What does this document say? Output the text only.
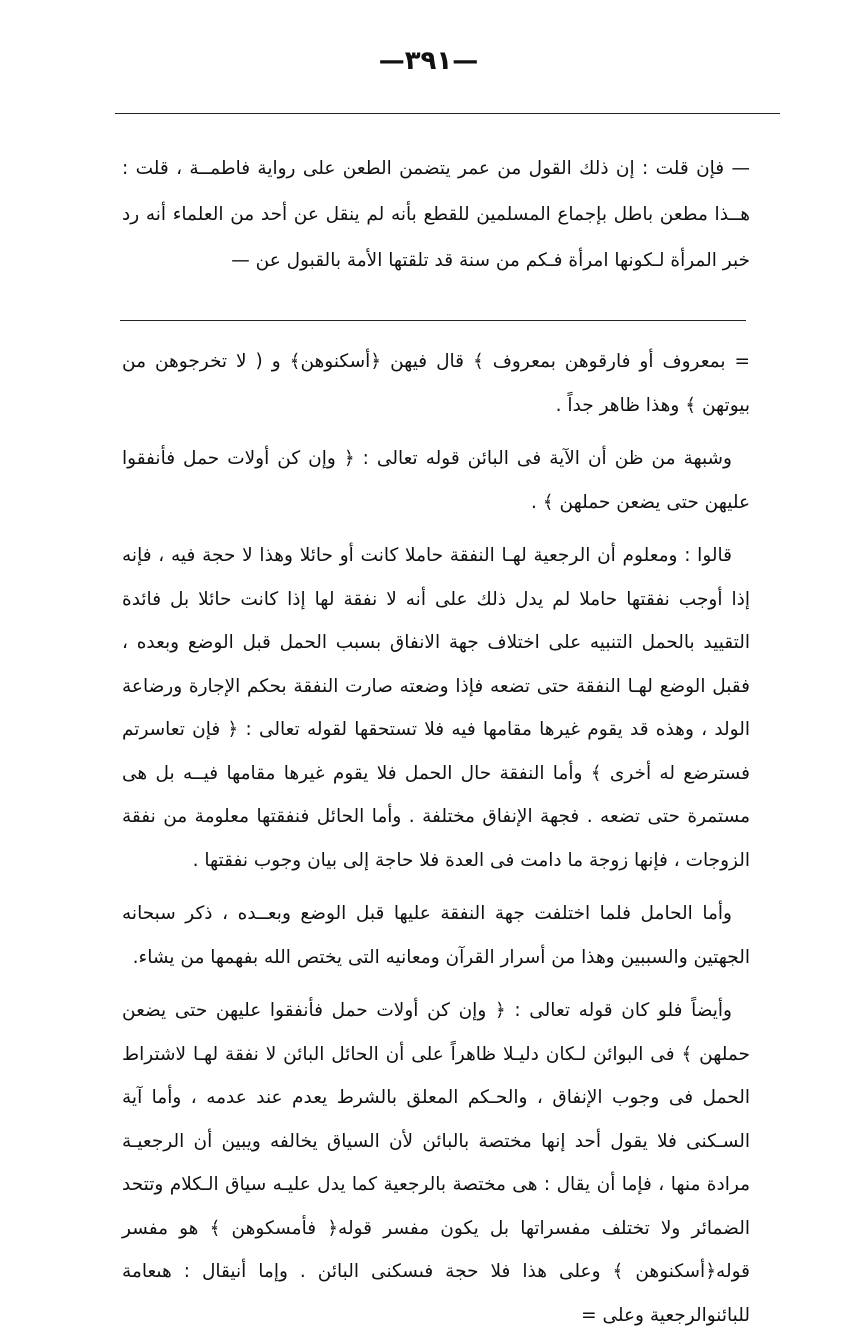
—٣٩١—

— فإن قلت : إن ذلك القول من عمر يتضمن الطعن على رواية فاطمــة ، قلت : هــذا مطعن باطل بإجماع المسلمين للقطع بأنه لم ينقل عن أحد من العلماء أنه رد خبر المرأة لـكونها امرأة فـكم من سنة قد تلقتها الأمة بالقبول عن —

= بمعروف أو فارقوهن بمعروف ﴾ قال فيهن ﴿أسكنوهن﴾ و ( لا تخرجوهن من بيوتهن ﴾ وهذا ظاهر جداً .

وشبهة من ظن أن الآية فى البائن قوله تعالى : ﴿ وإن كن أولات حمل فأنفقوا عليهن حتى يضعن حملهن ﴾ .

قالوا : ومعلوم أن الرجعية لهـا النفقة حاملا كانت أو حائلا وهذا لا حجة فيه ، فإنه إذا أوجب نفقتها حاملا لم يدل ذلك على أنه لا نفقة لها إذا كانت حائلا بل فائدة التقييد بالحمل التنبيه على اختلاف جهة الانفاق بسبب الحمل قبل الوضع وبعده ، فقبل الوضع لهـا النفقة حتى تضعه فإذا وضعته صارت النفقة بحكم الإجارة ورضاعة الولد ، وهذه قد يقوم غيرها مقامها فيه فلا تستحقها لقوله تعالى : ﴿ فإن تعاسرتم فسترضع له أخرى ﴾ وأما النفقة حال الحمل فلا يقوم غيرها مقامها فيــه بل هى مستمرة حتى تضعه . فجهة الإنفاق مختلفة . وأما الحائل فنفقتها معلومة من نفقة الزوجات ، فإنها زوجة ما دامت فى العدة فلا حاجة إلى بيان وجوب نفقتها .

وأما الحامل فلما اختلفت جهة النفقة عليها قبل الوضع وبعــده ، ذكر سبحانه الجهتين والسببين وهذا من أسرار القرآن ومعانيه التى يختص الله بفهمها من يشاء.

وأيضاً فلو كان قوله تعالى : ﴿ وإن كن أولات حمل فأنفقوا عليهن حتى يضعن حملهن ﴾ فى البوائن لـكان دليـلا ظاهراً على أن الحائل البائن لا نفقة لهـا لاشتراط الحمل فى وجوب الإنفاق ، والحـكم المعلق بالشرط يعدم عند عدمه ، وأما آية السـكنى فلا يقول أحد إنها مختصة بالبائن لأن السياق يخالفه ويبين أن الرجعيـة مرادة منها ، فإما أن يقال : هى مختصة بالرجعية كما يدل عليـه سياق الـكلام وتتحد الضمائر ولا تختلف مفسراتها بل يكون مفسر قوله﴿ فأمسكوهن ﴾ هو مفسر قوله﴿أسكنوهن ﴾ وعلى هذا فلا حجة فىسكنى البائن . وإما أنيقال : هىعامة للبائنوالرجعية وعلى =
